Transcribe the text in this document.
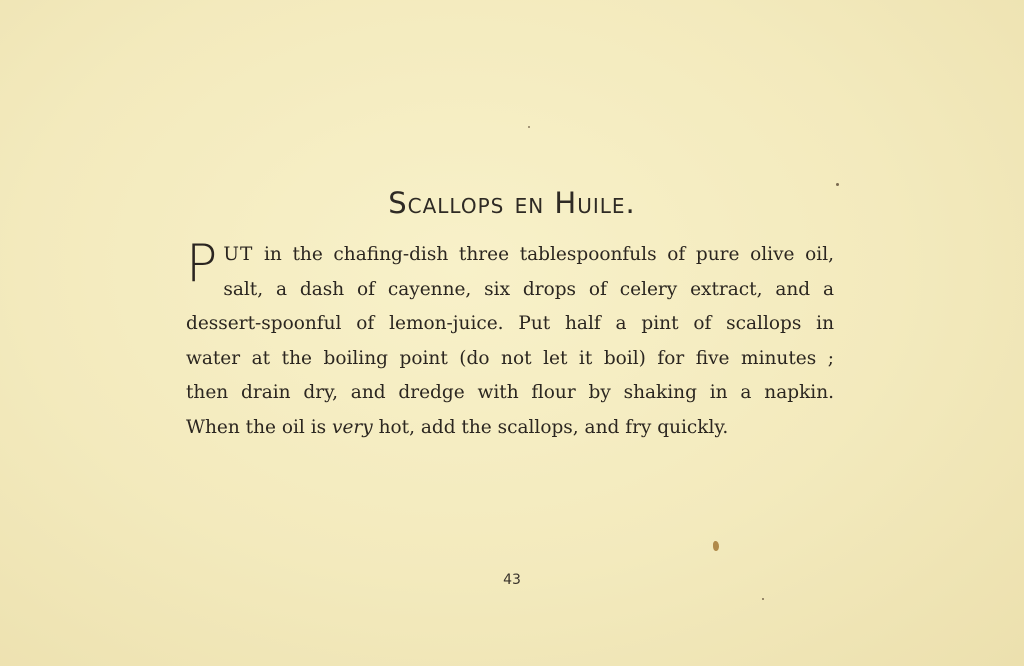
Scallops en Huile.
P UT in the chafing-dish three tablespoonfuls of pure olive oil,
salt, a dash of cayenne, six drops of celery extract, and a
dessert-spoonful of lemon-juice. Put half a pint of scallops in
water at the boiling point (do not let it boil) for five minutes ;
then drain dry, and dredge with flour by shaking in a napkin.
When the oil is very hot, add the scallops, and fry quickly.
43
